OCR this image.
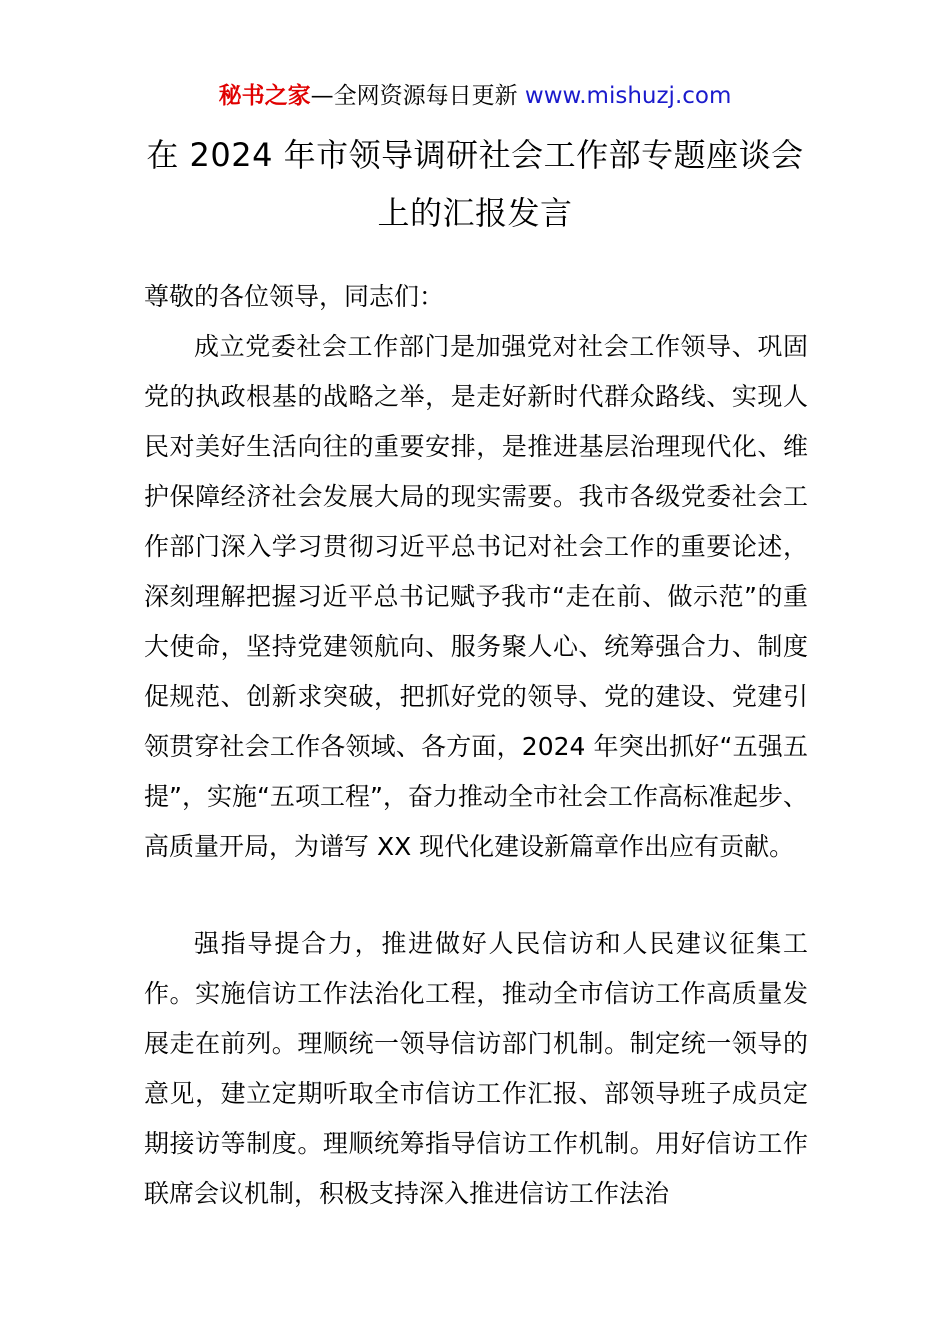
秘书之家—全网资源每日更新 www.mishuzj.com
在 2024 年市领导调研社会工作部专题座谈会上的汇报发言
尊敬的各位领导，同志们：
成立党委社会工作部门是加强党对社会工作领导、巩固党的执政根基的战略之举，是走好新时代群众路线、实现人民对美好生活向往的重要安排，是推进基层治理现代化、维护保障经济社会发展大局的现实需要。我市各级党委社会工作部门深入学习贯彻习近平总书记对社会工作的重要论述，深刻理解把握习近平总书记赋予我市“走在前、做示范”的重大使命，坚持党建领航向、服务聚人心、统筹强合力、制度促规范、创新求突破，把抓好党的领导、党的建设、党建引领贯穿社会工作各领域、各方面，2024 年突出抓好“五强五提”，实施“五项工程”，奋力推动全市社会工作高标准起步、高质量开局，为谱写 XX 现代化建设新篇章作出应有贡献。
强指导提合力，推进做好人民信访和人民建议征集工作。实施信访工作法治化工程，推动全市信访工作高质量发展走在前列。理顺统一领导信访部门机制。制定统一领导的意见，建立定期听取全市信访工作汇报、部领导班子成员定期接访等制度。理顺统筹指导信访工作机制。用好信访工作联席会议机制，积极支持深入推进信访工作法治
